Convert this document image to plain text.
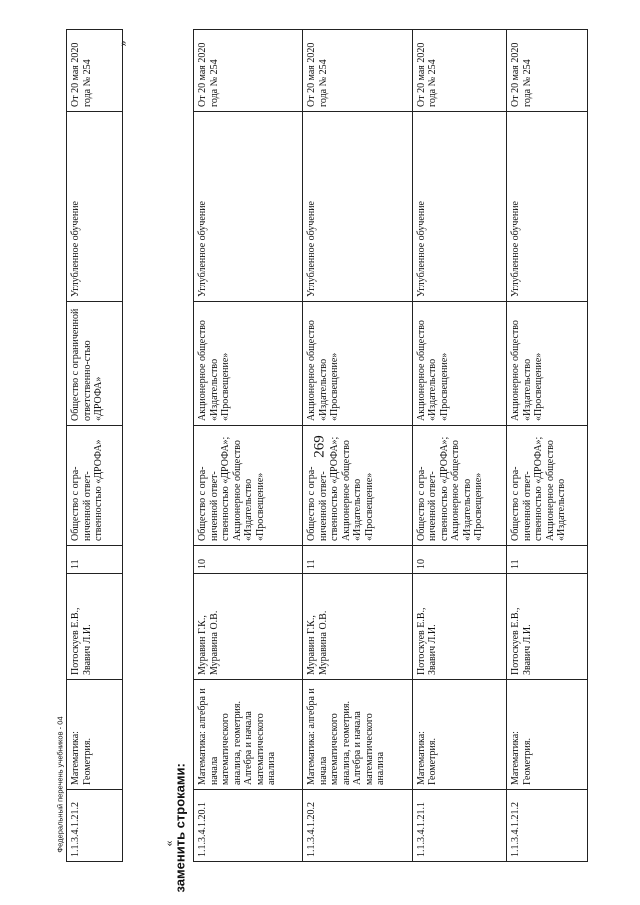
269
»
1.1.3.4.1.21.2	Математика: Геометрия.	Потоскуев Е.В., Звавич Л.И.	11	Общество с огра-ниченной ответ-ственностью «ДРОФА»	Общество с ограниченной ответственно-стью «ДРОФА»	Углубленное обучение	От 20 мая 2020 года № 254
заменить строками:
« 1.1.3.4.1.20.1	Математика: алгебра и начала математического анализа, геометрия. Алгебра и начала математического анализа	Муравин Г.К., Муравина О.В.	10	Общество с огра-ниченной ответ-ственностью «ДРОФА»; Акционерное общество «Издательство «Просвещение»	Акционерное общество «Издательство «Просвещение»	Углубленное обучение	От 20 мая 2020 года № 254
1.1.3.4.1.20.2	Математика: алгебра и начала математического анализа, геометрия. Алгебра и начала математического анализа	Муравин Г.К., Муравина О.В.	11	Общество с огра-ниченной ответ-ственностью «ДРОФА»; Акционерное общество «Издательство «Просвещение»	Акционерное общество «Издательство «Просвещение»	Углубленное обучение	От 20 мая 2020 года № 254
1.1.3.4.1.21.1	Математика: Геометрия.	Потоскуев Е.В., Звавич Л.И.	10	Общество с огра-ниченной ответ-ственностью «ДРОФА»; Акционерное общество «Издательство «Просвещение»	Акционерное общество «Издательство «Просвещение»	Углубленное обучение	От 20 мая 2020 года № 254
1.1.3.4.1.21.2	Математика: Геометрия.	Потоскуев Е.В., Звавич Л.И.	11	Общество с огра-ниченной ответ-ственностью «ДРОФА»; Акционерное общество «Издательство	Акционерное общество «Издательство «Просвещение»	Углубленное обучение	От 20 мая 2020 года № 254
Федеральный перечень учебников - 04
